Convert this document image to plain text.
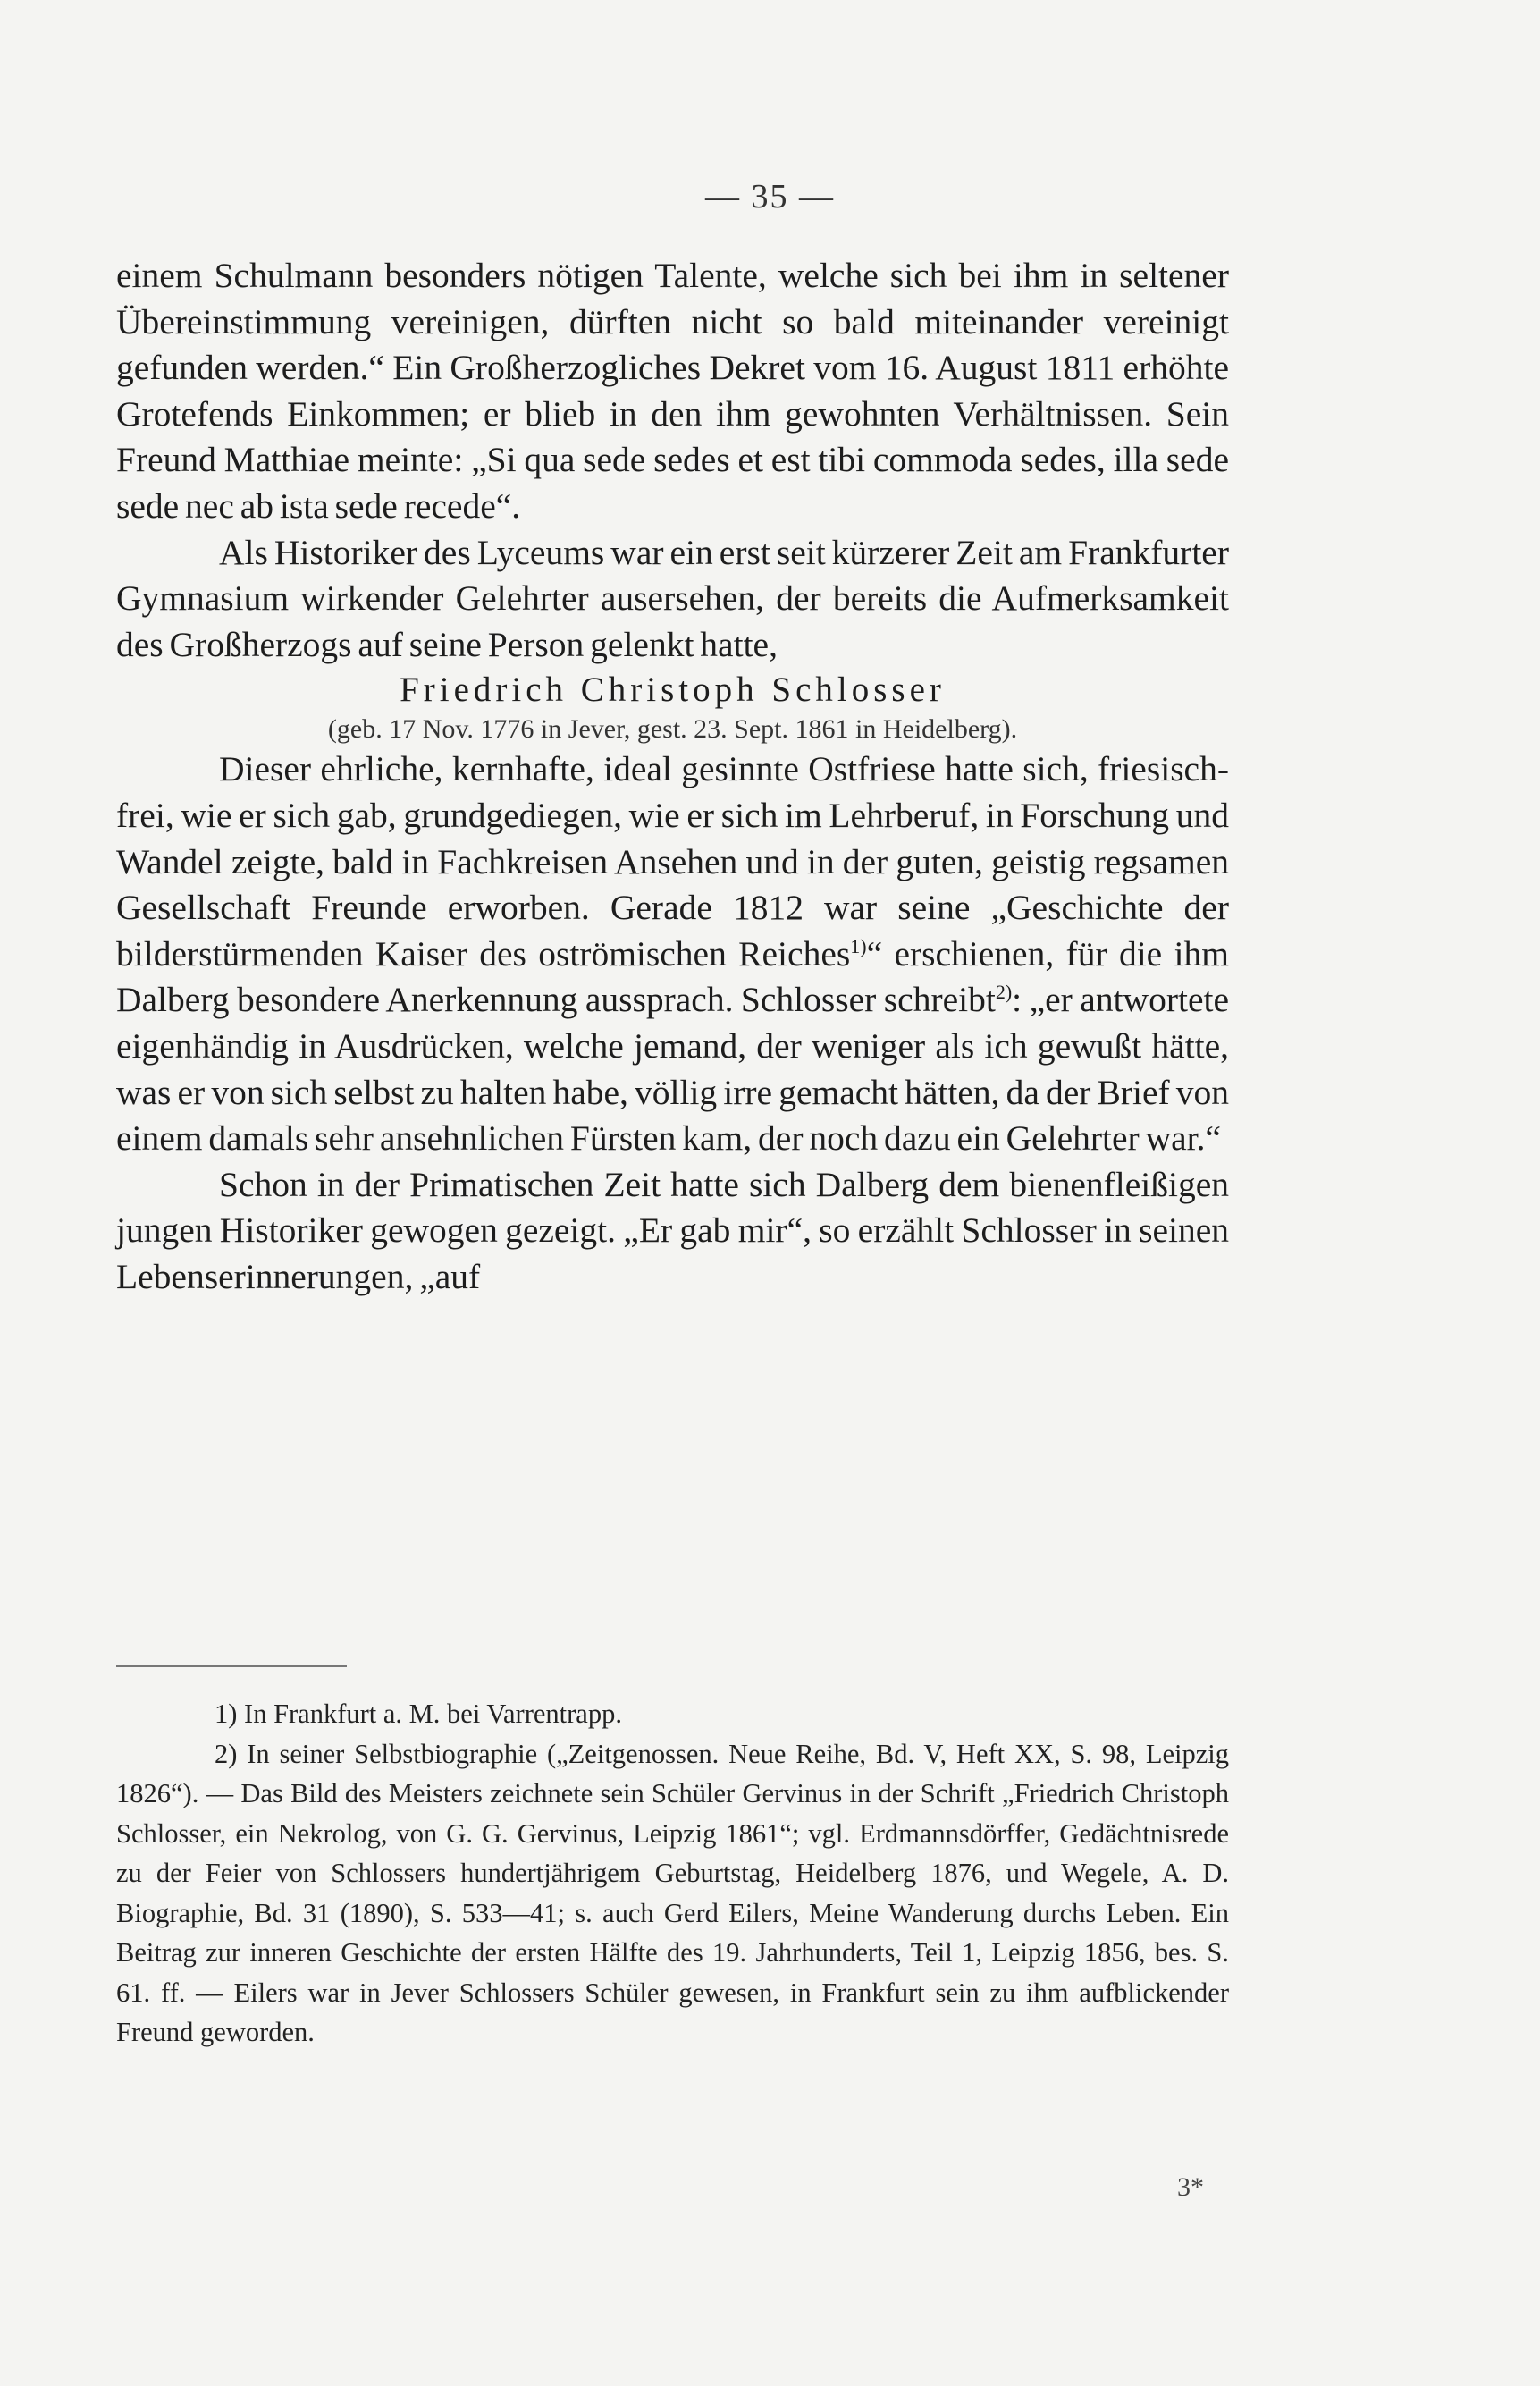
— 35 —

einem Schulmann besonders nötigen Talente, welche sich bei ihm in seltener Übereinstimmung vereinigen, dürften nicht so bald miteinander vereinigt gefunden werden.“ Ein Großherzogliches Dekret vom 16. August 1811 erhöhte Grotefends Einkommen; er blieb in den ihm gewohnten Verhältnissen. Sein Freund Matthiae meinte: „Si qua sede sedes et est tibi commoda sedes, illa sede sede nec ab ista sede recede“.

Als Historiker des Lyceums war ein erst seit kürzerer Zeit am Frankfurter Gymnasium wirkender Gelehrter ausersehen, der bereits die Aufmerksamkeit des Großherzogs auf seine Person gelenkt hatte,

Friedrich Christoph Schlosser

(geb. 17 Nov. 1776 in Jever, gest. 23. Sept. 1861 in Heidelberg).

Dieser ehrliche, kernhafte, ideal gesinnte Ostfriese hatte sich, friesisch-frei, wie er sich gab, grundgediegen, wie er sich im Lehrberuf, in Forschung und Wandel zeigte, bald in Fachkreisen Ansehen und in der guten, geistig regsamen Gesellschaft Freunde erworben. Gerade 1812 war seine „Geschichte der bilderstürmenden Kaiser des oströmischen Reiches$^{1)}$“ erschienen, für die ihm Dalberg besondere Anerkennung aussprach. Schlosser schreibt$^{2)}$: „er antwortete eigenhändig in Ausdrücken, welche jemand, der weniger als ich gewußt hätte, was er von sich selbst zu halten habe, völlig irre gemacht hätten, da der Brief von einem damals sehr ansehnlichen Fürsten kam, der noch dazu ein Gelehrter war.“

Schon in der Primatischen Zeit hatte sich Dalberg dem bienenfleißigen jungen Historiker gewogen gezeigt. „Er gab mir“, so erzählt Schlosser in seinen Lebenserinnerungen, „auf

1) In Frankfurt a. M. bei Varrentrapp.

2) In seiner Selbstbiographie („Zeitgenossen. Neue Reihe, Bd. V, Heft XX, S. 98, Leipzig 1826“). — Das Bild des Meisters zeichnete sein Schüler Gervinus in der Schrift „Friedrich Christoph Schlosser, ein Nekrolog, von G. G. Gervinus, Leipzig 1861“; vgl. Erdmannsdörffer, Gedächtnisrede zu der Feier von Schlossers hundertjährigem Geburtstag, Heidelberg 1876, und Wegele, A. D. Biographie, Bd. 31 (1890), S. 533—41; s. auch Gerd Eilers, Meine Wanderung durchs Leben. Ein Beitrag zur inneren Geschichte der ersten Hälfte des 19. Jahrhunderts, Teil 1, Leipzig 1856, bes. S. 61. ff. — Eilers war in Jever Schlossers Schüler gewesen, in Frankfurt sein zu ihm aufblickender Freund geworden.

3*
